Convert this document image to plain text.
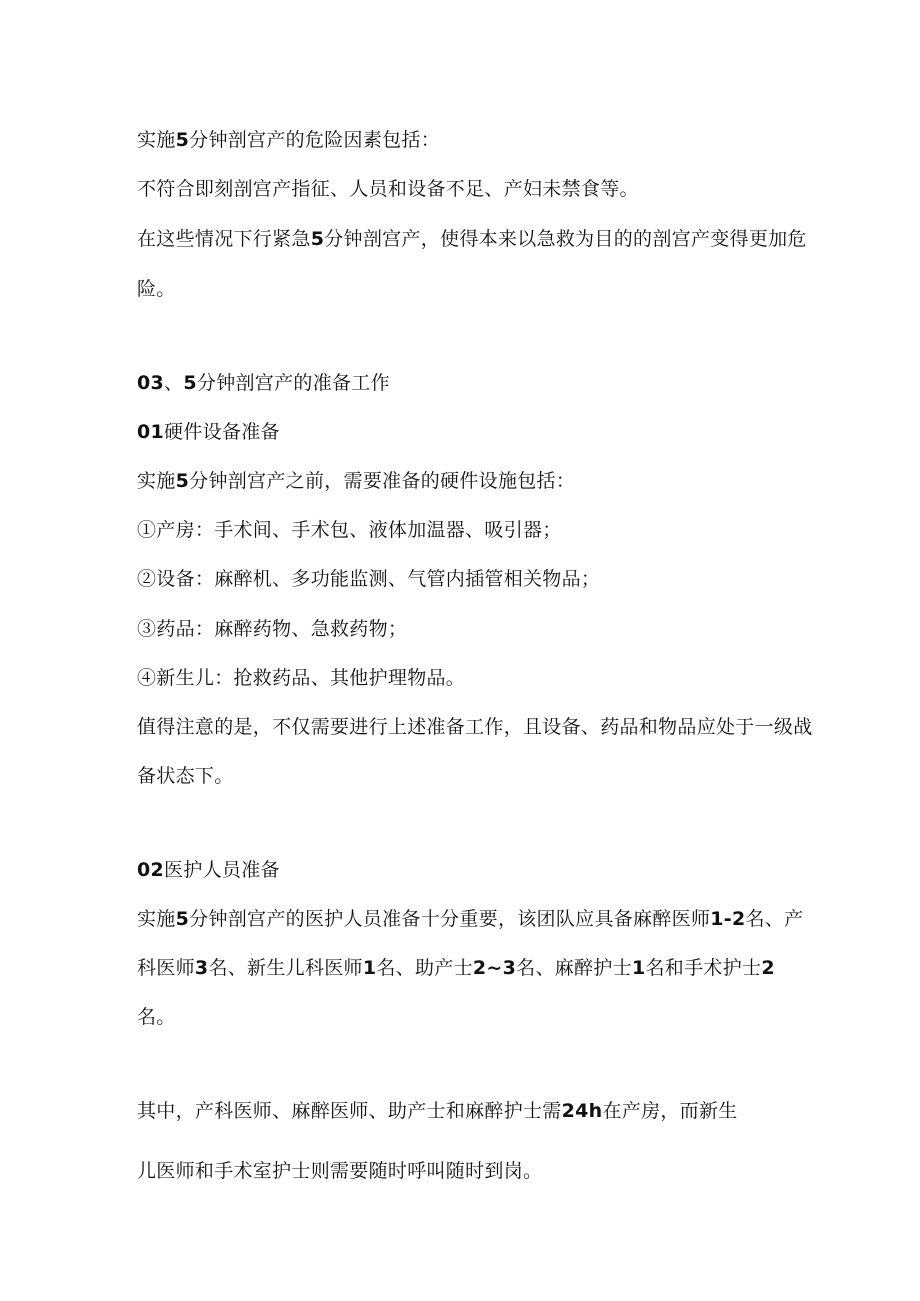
实施5分钟剖宫产的危险因素包括：
不符合即刻剖宫产指征、人员和设备不足、产妇未禁食等。
在这些情况下行紧急5分钟剖宫产，使得本来以急救为目的的剖宫产变得更加危
险。
03、5分钟剖宫产的准备工作
01硬件设备准备
实施5分钟剖宫产之前，需要准备的硬件设施包括：
①产房：手术间、手术包、液体加温器、吸引器；
②设备：麻醉机、多功能监测、气管内插管相关物品；
③药品：麻醉药物、急救药物；
④新生儿：抢救药品、其他护理物品。
值得注意的是，不仅需要进行上述准备工作，且设备、药品和物品应处于一级战
备状态下。
02医护人员准备
实施5分钟剖宫产的医护人员准备十分重要，该团队应具备麻醉医师1-2名、产
科医师3名、新生儿科医师1名、助产士2~3名、麻醉护士1名和手术护士2
名。
其中，产科医师、麻醉医师、助产士和麻醉护士需24h在产房，而新生
儿医师和手术室护士则需要随时呼叫随时到岗。
